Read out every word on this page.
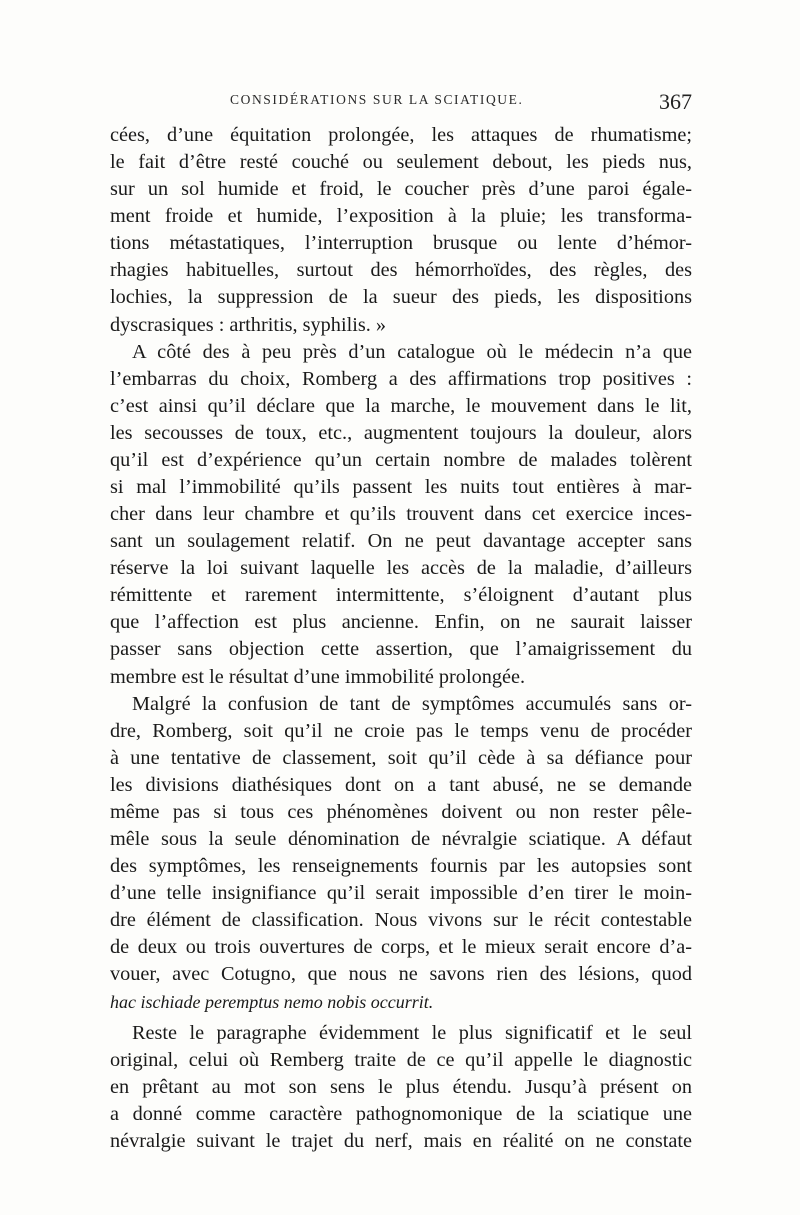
CONSIDÉRATIONS SUR LA SCIATIQUE.	367
cées, d’une équitation prolongée, les attaques de rhumatisme;
le fait d’être resté couché ou seulement debout, les pieds nus,
sur un sol humide et froid, le coucher près d’une paroi égale-
ment froide et humide, l’exposition à la pluie; les transforma-
tions métastatiques, l’interruption brusque ou lente d’hémor-
rhagies habituelles, surtout des hémorrhoïdes, des règles, des
lochies, la suppression de la sueur des pieds, les dispositions
dyscrasiques : arthritis, syphilis. »
A côté des à peu près d’un catalogue où le médecin n’a que
l’embarras du choix, Romberg a des affirmations trop positives :
c’est ainsi qu’il déclare que la marche, le mouvement dans le lit,
les secousses de toux, etc., augmentent toujours la douleur, alors
qu’il est d’expérience qu’un certain nombre de malades tolèrent
si mal l’immobilité qu’ils passent les nuits tout entières à mar-
cher dans leur chambre et qu’ils trouvent dans cet exercice inces-
sant un soulagement relatif. On ne peut davantage accepter sans
réserve la loi suivant laquelle les accès de la maladie, d’ailleurs
rémittente et rarement intermittente, s’éloignent d’autant plus
que l’affection est plus ancienne. Enfin, on ne saurait laisser
passer sans objection cette assertion, que l’amaigrissement du
membre est le résultat d’une immobilité prolongée.
Malgré la confusion de tant de symptômes accumulés sans or-
dre, Romberg, soit qu’il ne croie pas le temps venu de procéder
à une tentative de classement, soit qu’il cède à sa défiance pour
les divisions diathésiques dont on a tant abusé, ne se demande
même pas si tous ces phénomènes doivent ou non rester pêle-
mêle sous la seule dénomination de névralgie sciatique. A défaut
des symptômes, les renseignements fournis par les autopsies sont
d’une telle insignifiance qu’il serait impossible d’en tirer le moin-
dre élément de classification. Nous vivons sur le récit contestable
de deux ou trois ouvertures de corps, et le mieux serait encore d’a-
vouer, avec Cotugno, que nous ne savons rien des lésions, quod
hac ischiade peremptus nemo nobis occurrit.
Reste le paragraphe évidemment le plus significatif et le seul
original, celui où Remberg traite de ce qu’il appelle le diagnostic
en prêtant au mot son sens le plus étendu. Jusqu’à présent on
a donné comme caractère pathognomonique de la sciatique une
névralgie suivant le trajet du nerf, mais en réalité on ne constate
